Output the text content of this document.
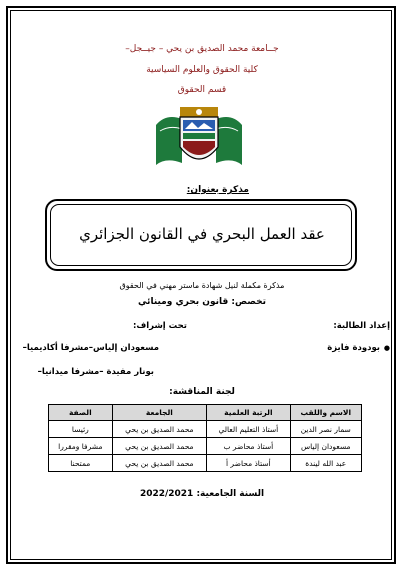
جــامعة محمد الصديق بن يحي – جيــجل–
كلية الحقوق والعلوم السياسية
قسم الحقوق
مذكرة بعنوان:
عقد العمل البحري في القانون الجزائري
مذكرة مكملة لنيل شهادة ماستر مهني في الحقوق
تخصص: قانون بحري ومينائي
إعداد الطالبة:
تحت إشراف:
●
بودودة فايزة
مسعودان إلياس–مشرفا أكاديميا–
بونار مفيدة –مشرفا ميدانيا–
لجنة المناقشة:
الاسم واللقب	الرتبة العلمية	الجامعة	الصفة
سمار نصر الدين	أستاذ التعليم العالي	محمد الصديق بن يحي	رئيسا
مسعودان إلياس	أستاذ محاضر ب	محمد الصديق بن يحي	مشرفا ومقررا
عبد الله ليندة	أستاذ محاضر أ	محمد الصديق بن يحي	ممتحنا
السنة الجامعية: 2022/2021
